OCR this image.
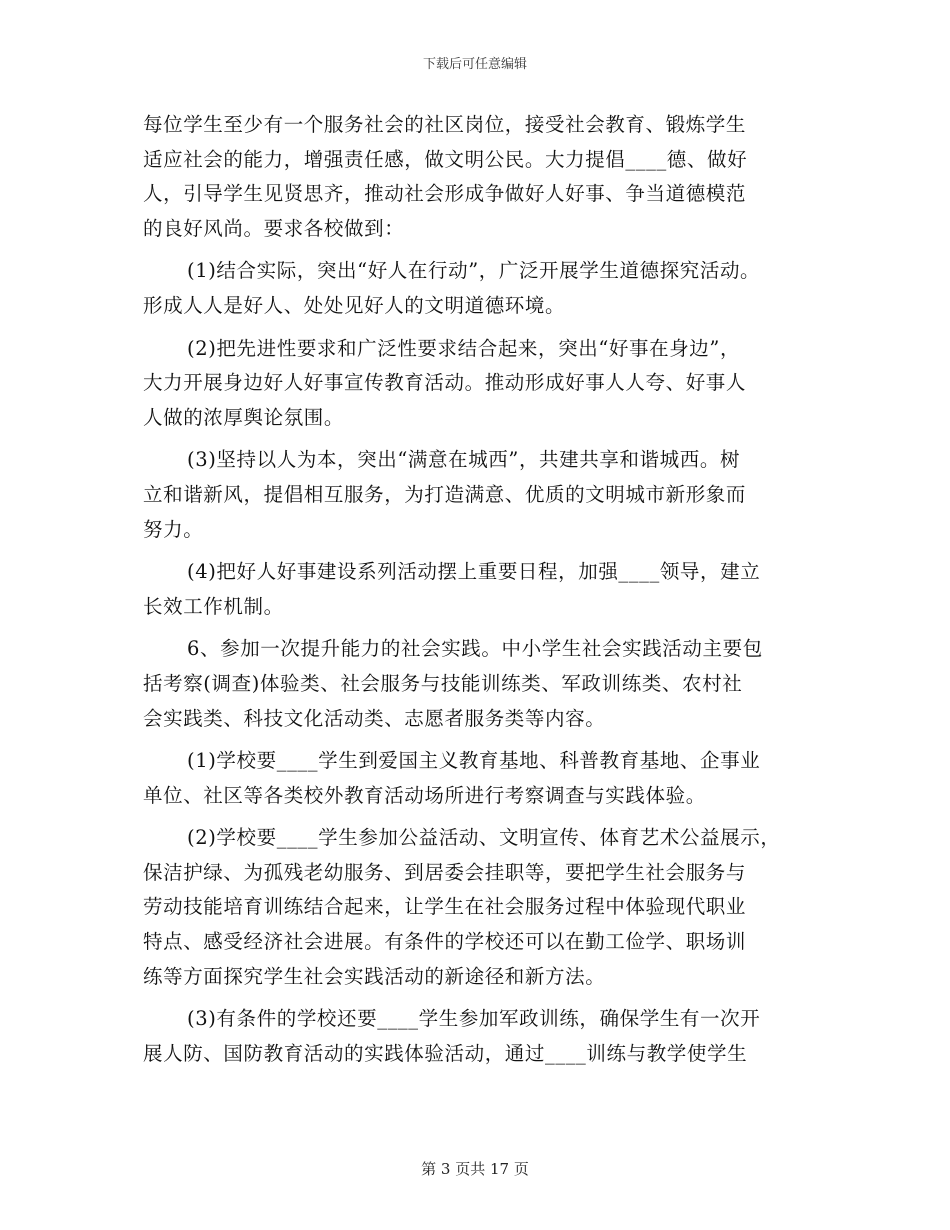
下载后可任意编辑
每位学生至少有一个服务社会的社区岗位，接受社会教育、锻炼学生
适应社会的能力，增强责任感，做文明公民。大力提倡____德、做好
人，引导学生见贤思齐，推动社会形成争做好人好事、争当道德模范
的良好风尚。要求各校做到：
(1)结合实际，突出“好人在行动”，广泛开展学生道德探究活动。
形成人人是好人、处处见好人的文明道德环境。
(2)把先进性要求和广泛性要求结合起来，突出“好事在身边”，
大力开展身边好人好事宣传教育活动。推动形成好事人人夸、好事人
人做的浓厚舆论氛围。
(3)坚持以人为本，突出“满意在城西”，共建共享和谐城西。树
立和谐新风，提倡相互服务，为打造满意、优质的文明城市新形象而
努力。
(4)把好人好事建设系列活动摆上重要日程，加强____领导，建立
长效工作机制。
6、参加一次提升能力的社会实践。中小学生社会实践活动主要包
括考察(调查)体验类、社会服务与技能训练类、军政训练类、农村社
会实践类、科技文化活动类、志愿者服务类等内容。
(1)学校要____学生到爱国主义教育基地、科普教育基地、企事业
单位、社区等各类校外教育活动场所进行考察调查与实践体验。
(2)学校要____学生参加公益活动、文明宣传、体育艺术公益展示，
保洁护绿、为孤残老幼服务、到居委会挂职等，要把学生社会服务与
劳动技能培育训练结合起来，让学生在社会服务过程中体验现代职业
特点、感受经济社会进展。有条件的学校还可以在勤工俭学、职场训
练等方面探究学生社会实践活动的新途径和新方法。
(3)有条件的学校还要____学生参加军政训练，确保学生有一次开
展人防、国防教育活动的实践体验活动，通过____训练与教学使学生
第 3 页共 17 页
